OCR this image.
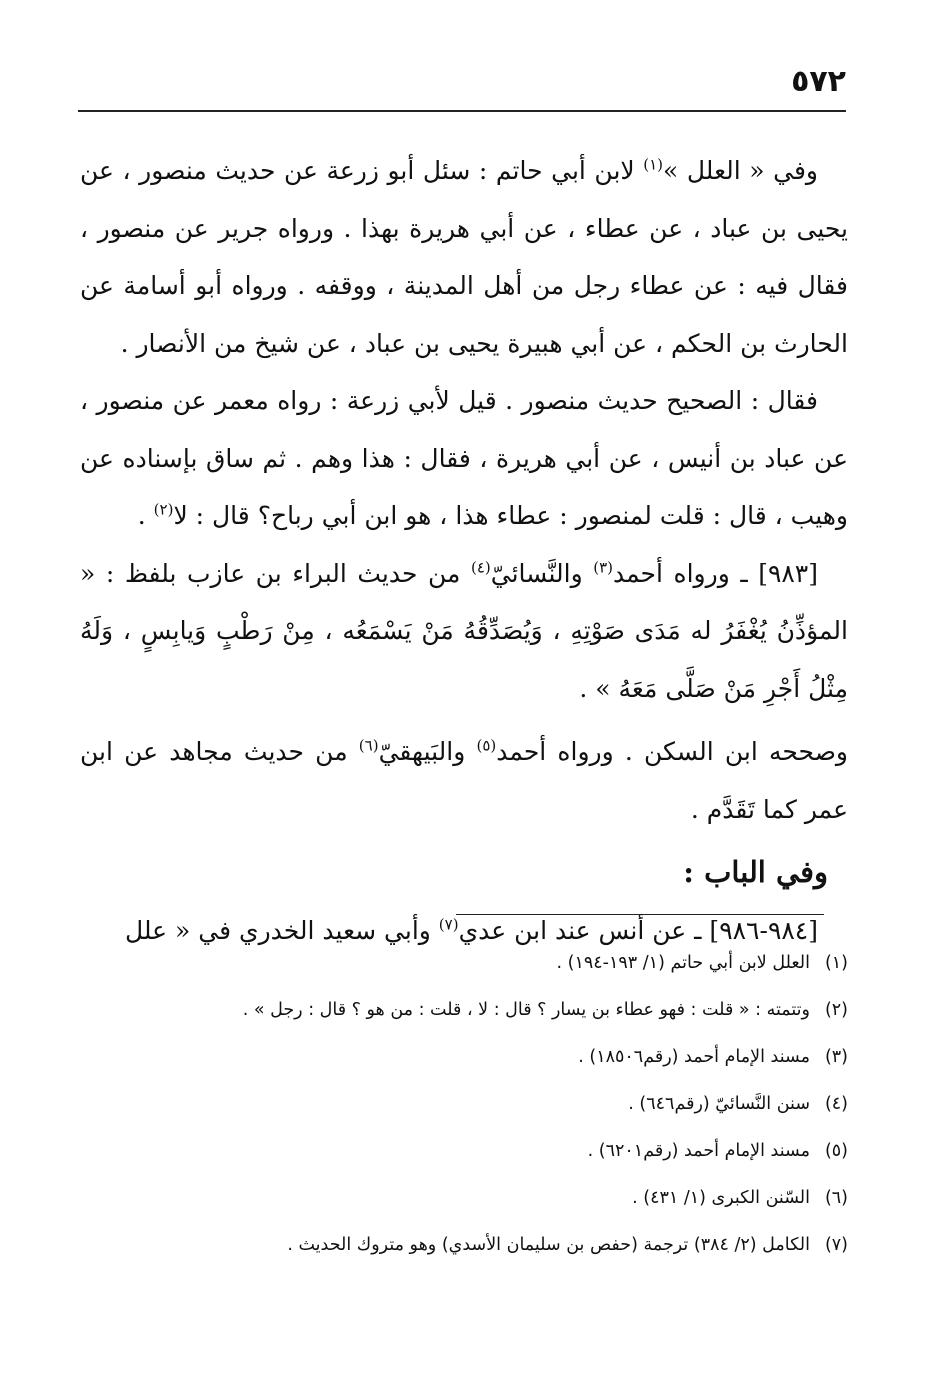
٥٧٢

وفي « العلل »$^{(١)}$ لابن أبي حاتم : سئل أبو زرعة عن حديث منصور ، عن يحيى بن عباد ، عن عطاء ، عن أبي هريرة بهذا . ورواه جرير عن منصور ، فقال فيه : عن عطاء رجل من أهل المدينة ، ووقفه . ورواه أبو أسامة عن الحارث بن الحكم ، عن أبي هبيرة يحيى بن عباد ، عن شيخ من الأنصار .

فقال : الصحيح حديث منصور . قيل لأبي زرعة : رواه معمر عن منصور ، عن عباد بن أنيس ، عن أبي هريرة ، فقال : هذا وهم . ثم ساق بإسناده عن وهيب ، قال : قلت لمنصور : عطاء هذا ، هو ابن أبي رباح؟ قال : لا$^{(٢)}$ .

[٩٨٣] ـ ورواه أحمد$^{(٣)}$ والنَّسائيّ$^{(٤)}$ من حديث البراء بن عازب بلفظ : « المؤذِّنُ يُغْفَرُ له مَدَى صَوْتِهِ ، وَيُصَدِّقُهُ مَنْ يَسْمَعُه ، مِنْ رَطْبٍ وَيابِسٍ ، وَلَهُ مِثْلُ أَجْرِ مَنْ صَلَّى مَعَهُ » .

وصححه ابن السكن . ورواه أحمد$^{(٥)}$ والبَيهقيّ$^{(٦)}$ من حديث مجاهد عن ابن عمر كما تَقَدَّم .

وفي الباب :

[٩٨٤-٩٨٦] ـ عن أنس عند ابن عدي$^{(٧)}$ وأبي سعيد الخدري في « علل

(١)العلل لابن أبي حاتم (١/ ١٩٣-١٩٤) .
(٢)وتتمته : « قلت : فهو عطاء بن يسار ؟ قال : لا ، قلت : من هو ؟ قال : رجل » .
(٣)مسند الإمام أحمد (رقم١٨٥٠٦) .
(٤)سنن النَّسائيّ (رقم٦٤٦) .
(٥)مسند الإمام أحمد (رقم٦٢٠١) .
(٦)السّنن الكبرى (١/ ٤٣١) .
(٧)الكامل (٢/ ٣٨٤) ترجمة (حفص بن سليمان الأسدي) وهو متروك الحديث .
